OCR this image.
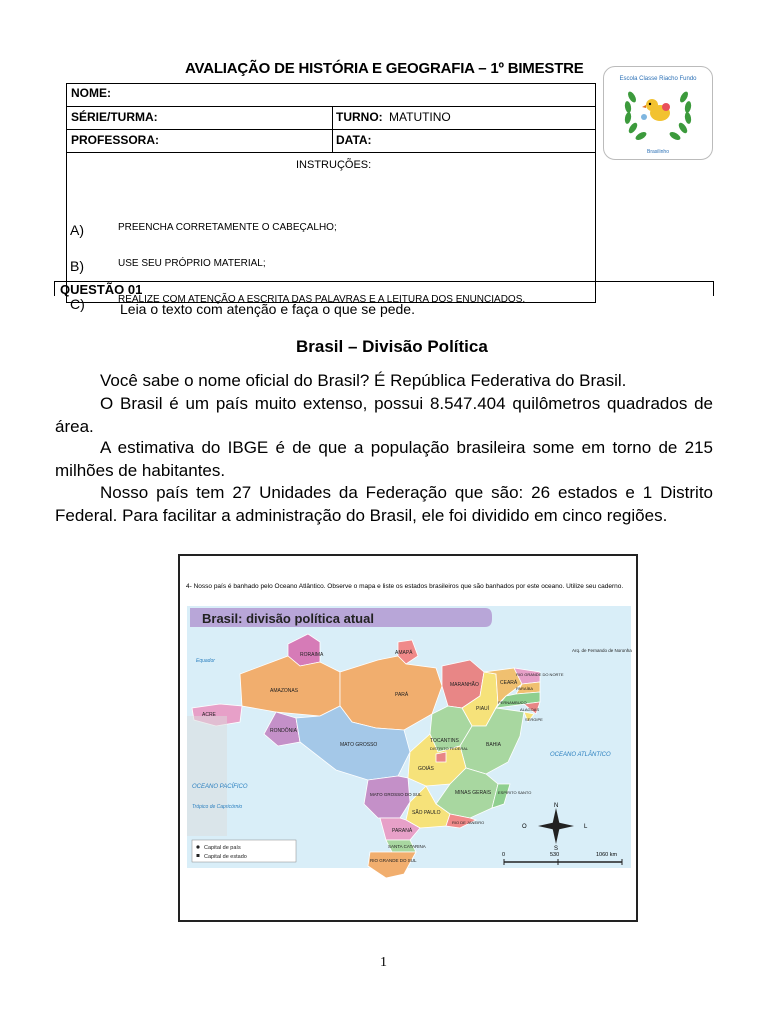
AVALIAÇÃO DE HISTÓRIA E GEOGRAFIA – 1º BIMESTRE
Escola Classe Riacho Fundo
Brasilinho
NOME:
SÉRIE/TURMA:	TURNO: MATUTINO
PROFESSORA:	DATA:
INSTRUÇÕES:
A)	PREENCHA CORRETAMENTE O CABEÇALHO;
B)	USE SEU PRÓPRIO MATERIAL;
C)	REALIZE COM ATENÇÃO A ESCRITA DAS PALAVRAS E A LEITURA DOS ENUNCIADOS.
QUESTÃO 01
Leia o texto com atenção e faça o que se pede.
Brasil – Divisão Política
Você sabe o nome oficial do Brasil? É República Federativa do Brasil.
O Brasil é um país muito extenso, possui 8.547.404 quilômetros quadrados de área.
A estimativa do IBGE é de que a população brasileira some em torno de 215 milhões de habitantes.
Nosso país tem 27 Unidades da Federação que são: 26 estados e 1 Distrito Federal. Para facilitar a administração do Brasil, ele foi dividido em cinco regiões.
4- Nosso país é banhado pelo Oceano Atlântico. Observe o mapa e liste os estados brasileiros que são banhados por este oceano. Utilize seu caderno.
Brasil: divisão política atual
RORAIMA	AMAPÁ
AMAZONAS
PARÁ
MARANHÃO	CEARÁ
RIO GRANDE DO NORTE
PARAÍBA
PERNAMBUCO
ALAGOAS
SERGIPE
PIAUÍ
ACRE
RONDÔNIA
TOCANTINS
BAHIA
MATO GROSSO
DISTRITO FEDERAL
GOIÁS
MINAS GERAIS ESPÍRITO SANTO
MATO GROSSO DO SUL
SÃO PAULO
RIO DE JANEIRO
PARANÁ
SANTA CATARINA
RIO GRANDE DO SUL
OCEANO ATLÂNTICO
OCEANO PACÍFICO
Equador
Trópico de Capricórnio
Arq. de Fernando de Noronha
Capital de país
Capital de estado
N
L
S
O
0	530	1060 km
1
